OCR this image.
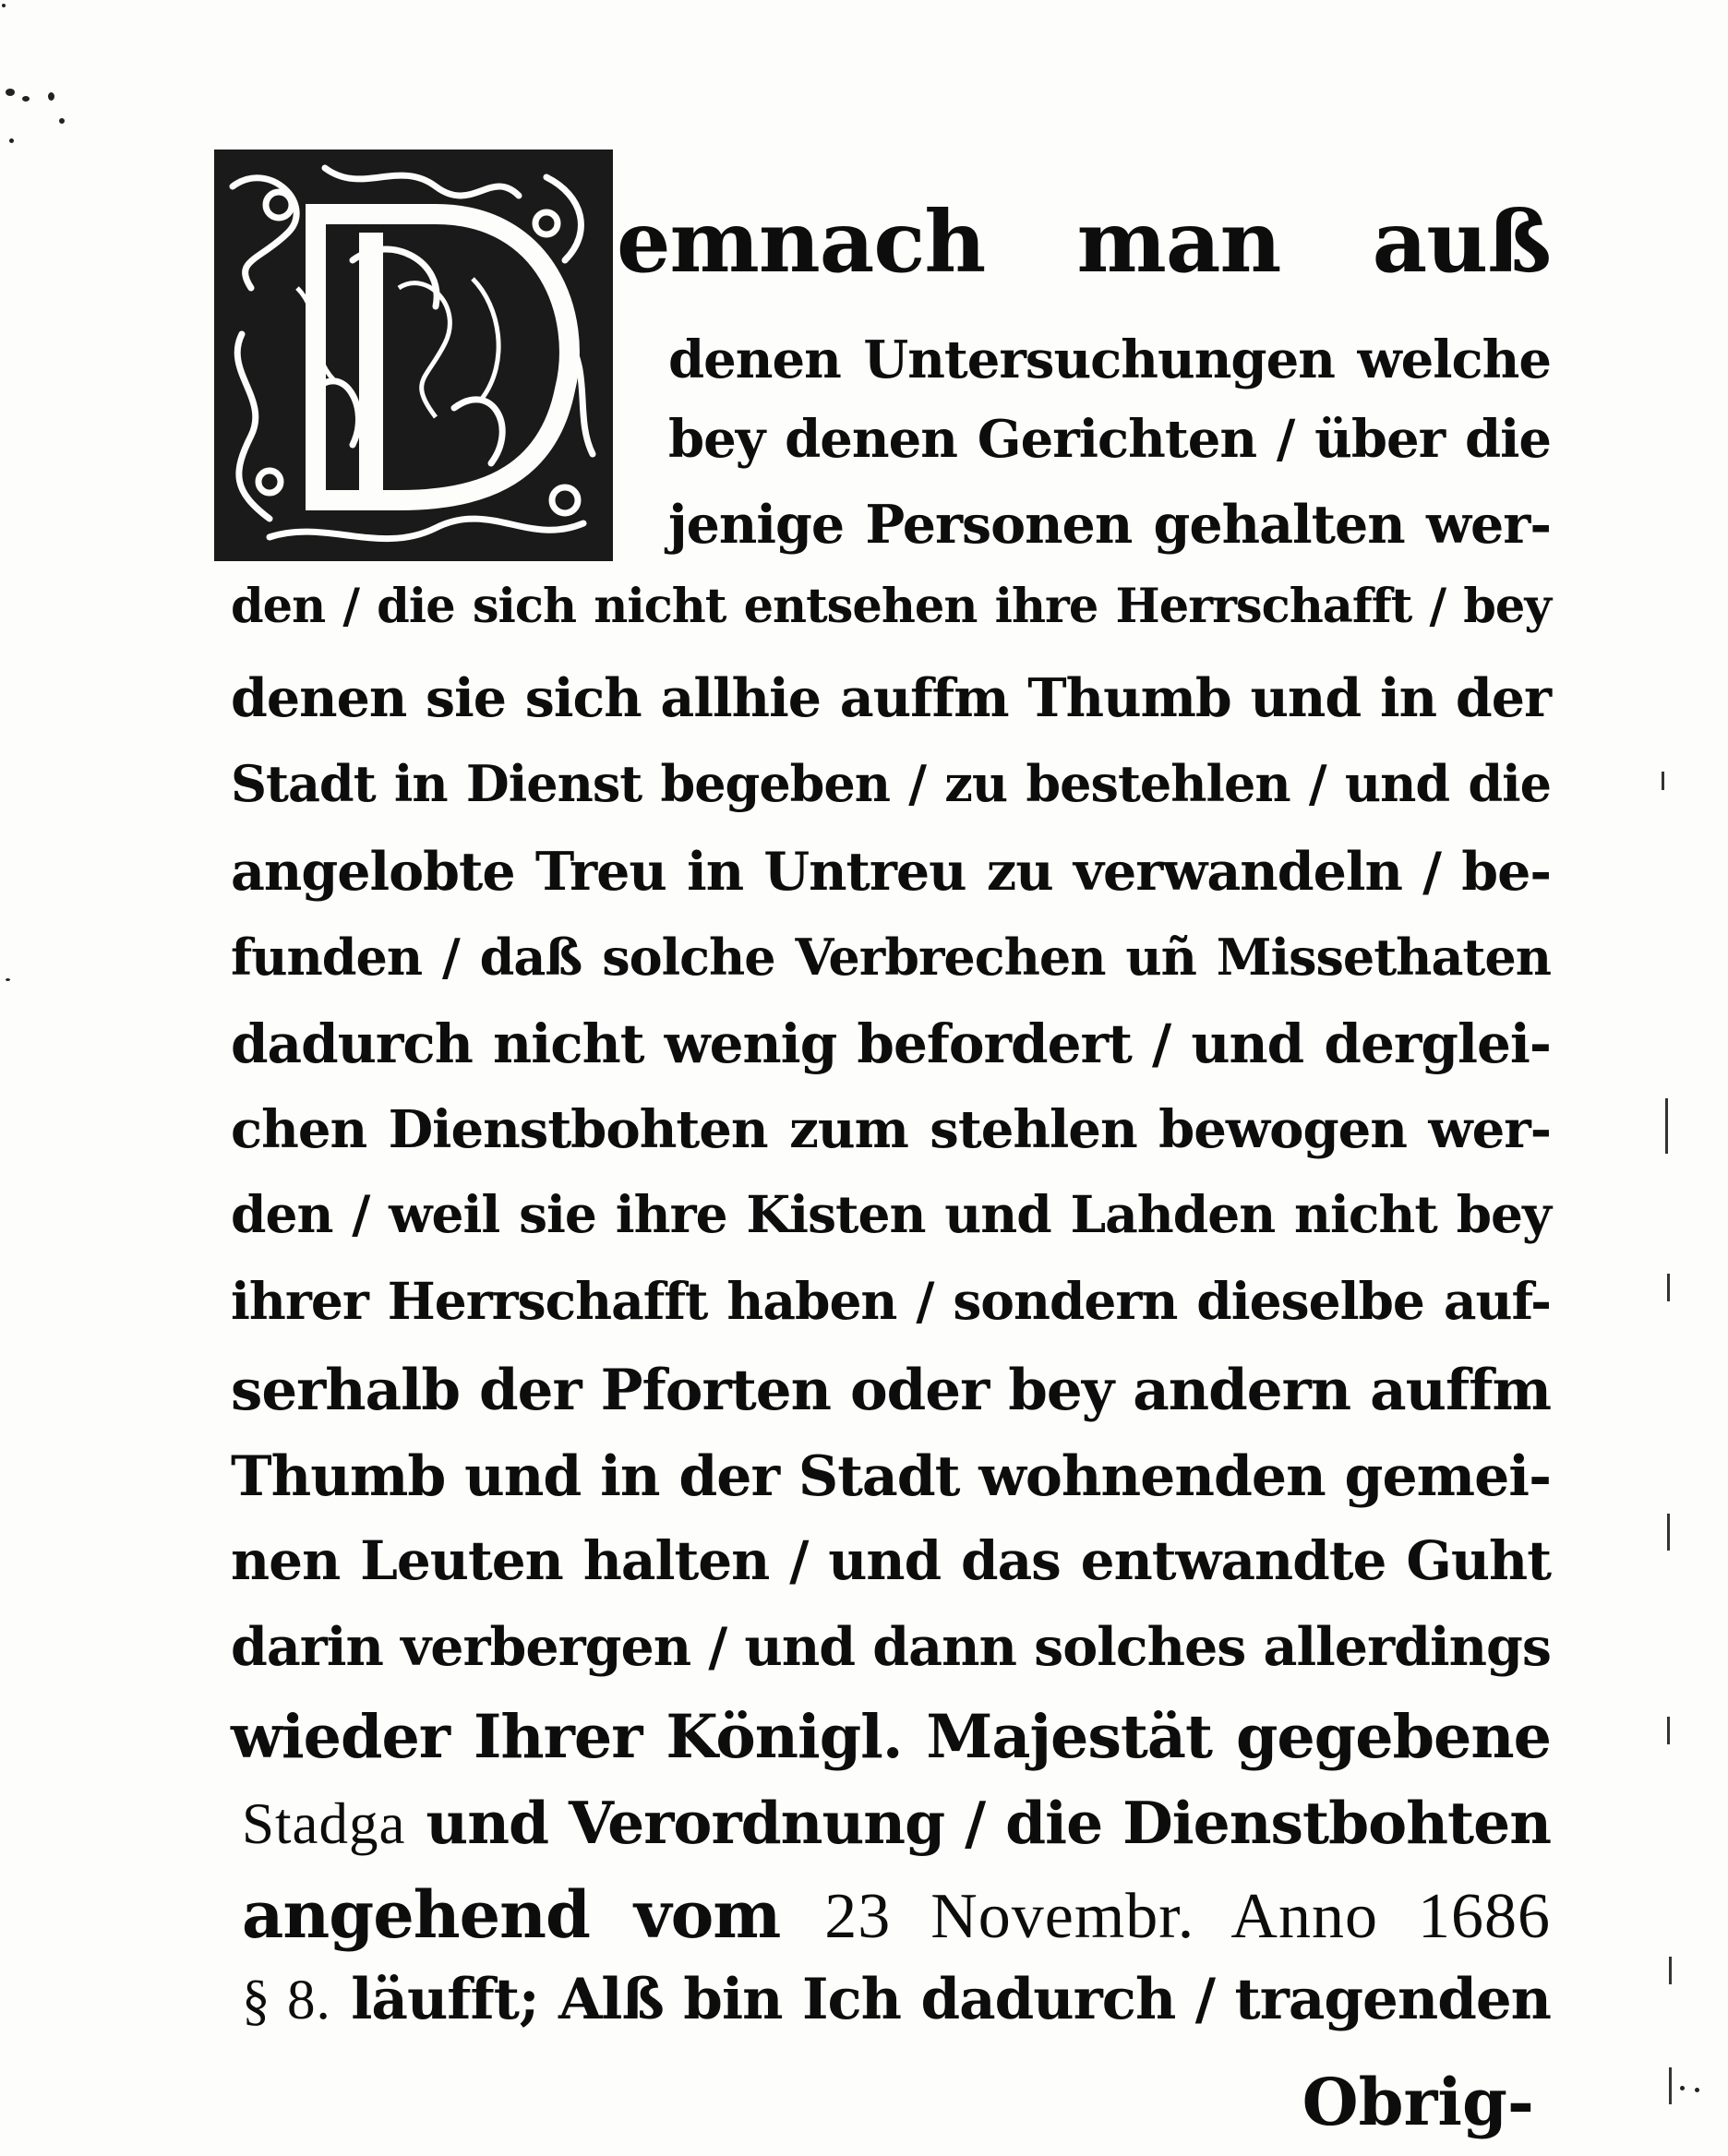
emnach man auß
denen Untersuchungen welche
bey denen Gerichten / über die
jenige Personen gehalten wer-
den / die sich nicht entsehen ihre Herrschafft / bey
denen sie sich allhie auffm Thumb und in der
Stadt in Dienst begeben / zu bestehlen / und die
angelobte Treu in Untreu zu verwandeln / be-
funden / daß solche Verbrechen uñ Missethaten
dadurch nicht wenig befordert / und derglei-
chen Dienstbohten zum stehlen bewogen wer-
den / weil sie ihre Kisten und Lahden nicht bey
ihrer Herrschafft haben / sondern dieselbe auf-
serhalb der Pforten oder bey andern auffm
Thumb und in der Stadt wohnenden gemei-
nen Leuten halten / und das entwandte Guht
darin verbergen / und dann solches allerdings
wieder Ihrer Königl. Majestät gegebene
Stadga und Verordnung / die Dienstbohten
angehend vom 23 Novembr. Anno 1686
§ 8. läufft; Alß bin Ich dadurch / tragenden
Obrig-
